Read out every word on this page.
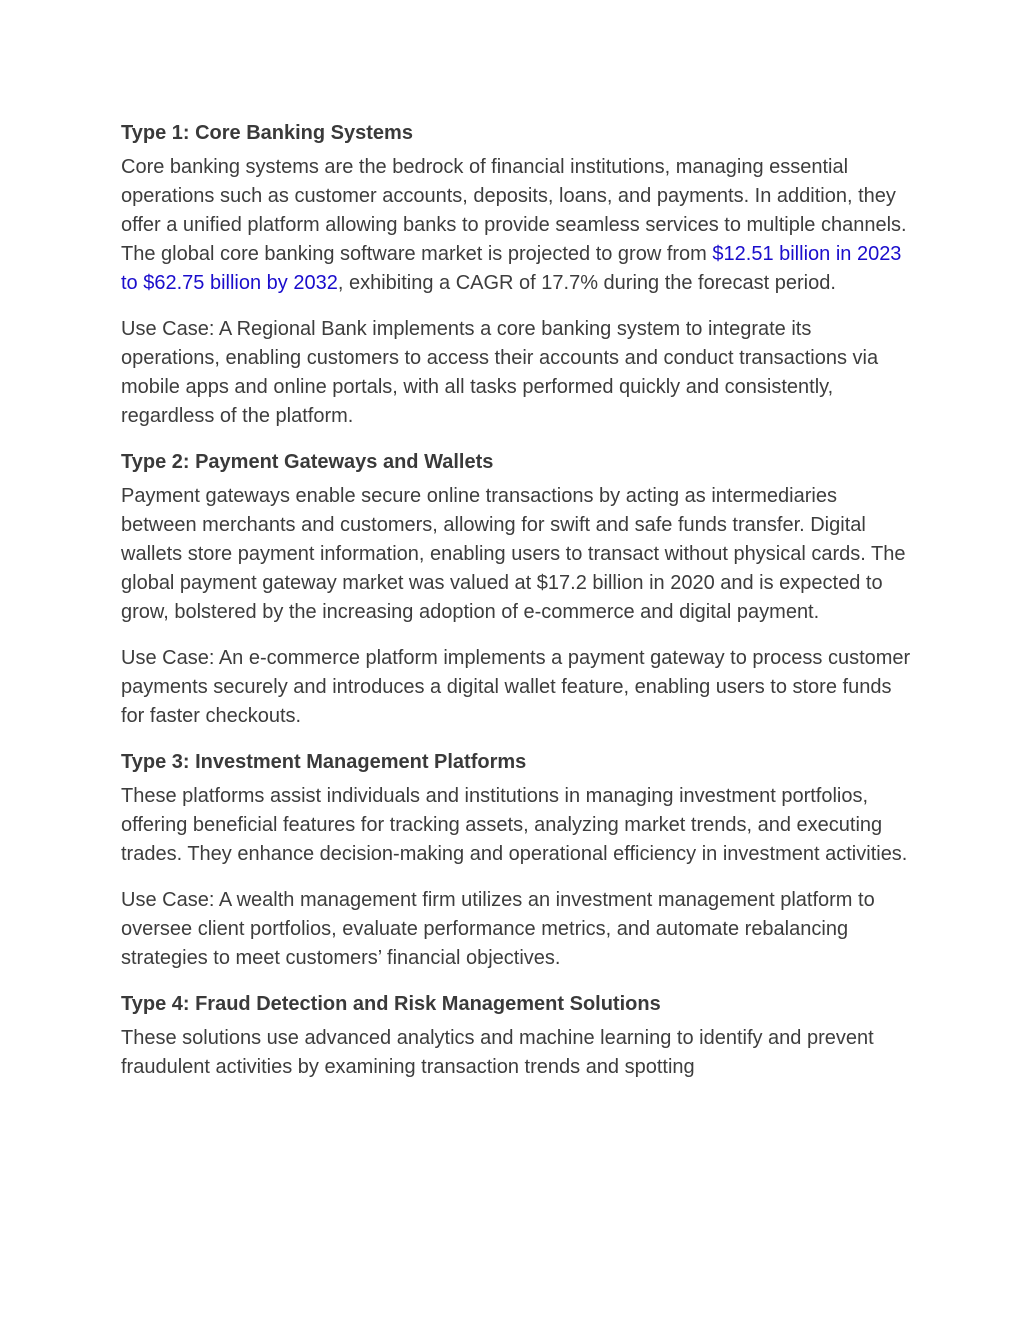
Type 1: Core Banking Systems

Core banking systems are the bedrock of financial institutions, managing essential operations such as customer accounts, deposits, loans, and payments. In addition, they offer a unified platform allowing banks to provide seamless services to multiple channels. The global core banking software market is projected to grow from $12.51 billion in 2023 to $62.75 billion by 2032, exhibiting a CAGR of 17.7% during the forecast period.

Use Case: A Regional Bank implements a core banking system to integrate its operations, enabling customers to access their accounts and conduct transactions via mobile apps and online portals, with all tasks performed quickly and consistently, regardless of the platform.

Type 2: Payment Gateways and Wallets

Payment gateways enable secure online transactions by acting as intermediaries between merchants and customers, allowing for swift and safe funds transfer. Digital wallets store payment information, enabling users to transact without physical cards. The global payment gateway market was valued at $17.2 billion in 2020 and is expected to grow, bolstered by the increasing adoption of e-commerce and digital payment.

Use Case: An e-commerce platform implements a payment gateway to process customer payments securely and introduces a digital wallet feature, enabling users to store funds for faster checkouts.

Type 3: Investment Management Platforms

These platforms assist individuals and institutions in managing investment portfolios, offering beneficial features for tracking assets, analyzing market trends, and executing trades. They enhance decision-making and operational efficiency in investment activities.

Use Case: A wealth management firm utilizes an investment management platform to oversee client portfolios, evaluate performance metrics, and automate rebalancing strategies to meet customers’ financial objectives.

Type 4: Fraud Detection and Risk Management Solutions

These solutions use advanced analytics and machine learning to identify and prevent fraudulent activities by examining transaction trends and spotting
